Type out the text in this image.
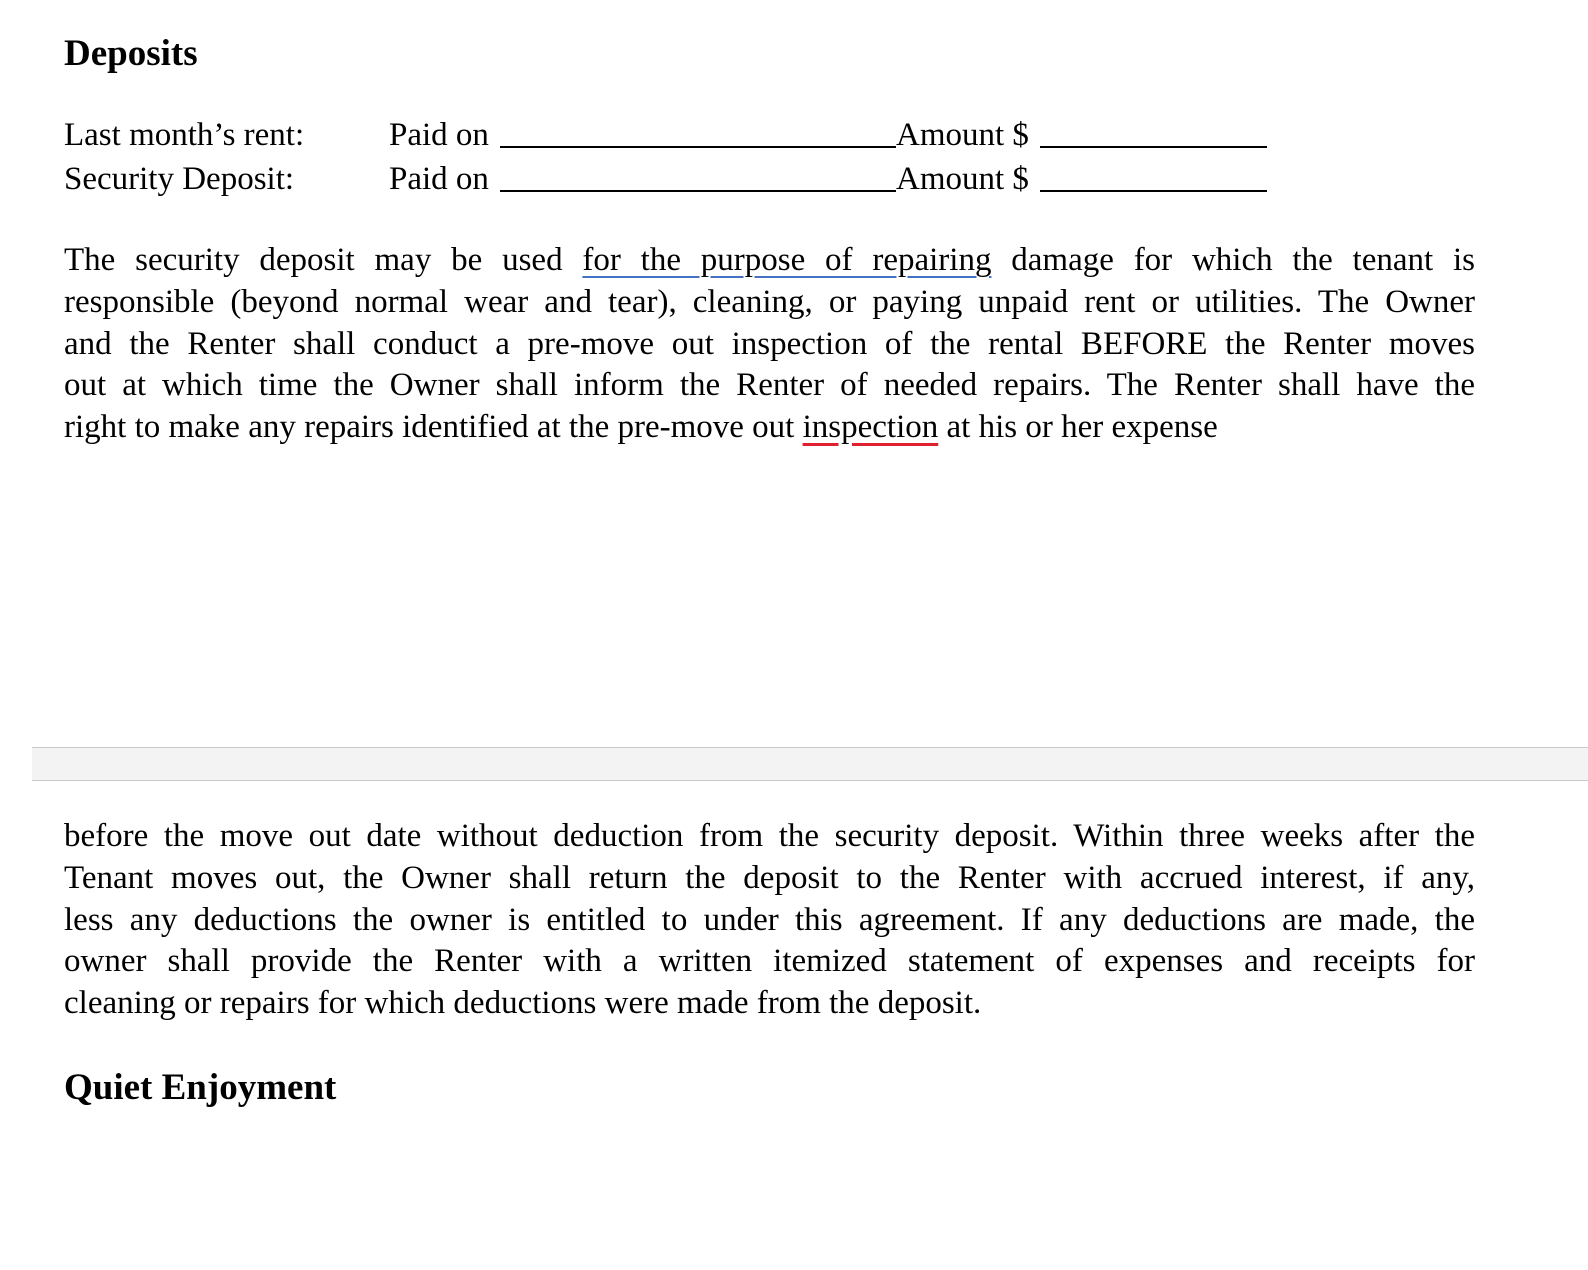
Deposits
Last month’s rent:	Paid on	Amount $
Security Deposit:	Paid on	Amount $
The security deposit may be used for the purpose of repairing damage for which the tenant is
responsible (beyond normal wear and tear), cleaning, or paying unpaid rent or utilities. The Owner
and the Renter shall conduct a pre-move out inspection of the rental BEFORE the Renter moves
out at which time the Owner shall inform the Renter of needed repairs. The Renter shall have the
right to make any repairs identified at the pre-move out inspection at his or her expense
before the move out date without deduction from the security deposit. Within three weeks after the
Tenant moves out, the Owner shall return the deposit to the Renter with accrued interest, if any,
less any deductions the owner is entitled to under this agreement. If any deductions are made, the
owner shall provide the Renter with a written itemized statement of expenses and receipts for
cleaning or repairs for which deductions were made from the deposit.
Quiet Enjoyment
